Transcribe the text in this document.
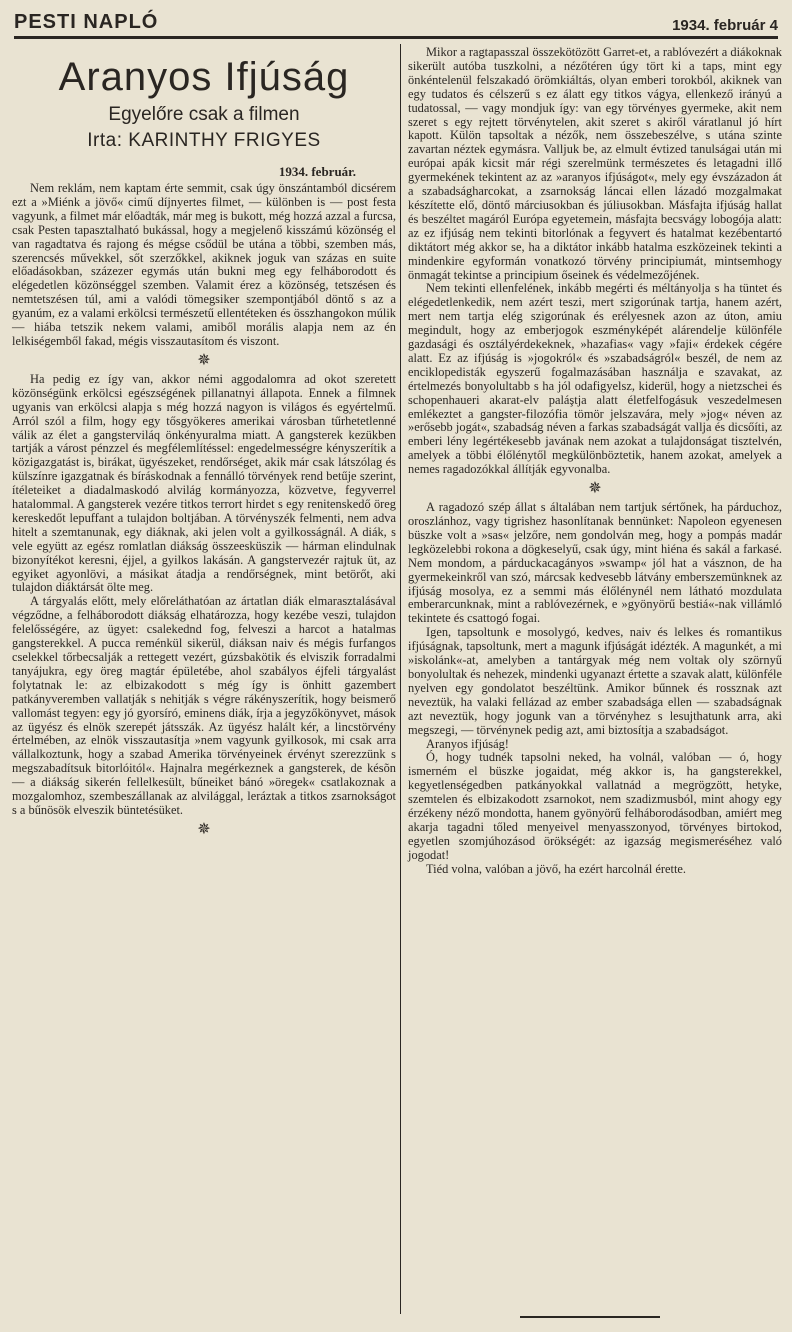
PESTI NAPLÓ	1934. február 4
Aranyos Ifjúság
Egyelőre csak a filmen
Irta: KARINTHY FRIGYES
1934. február.

Nem reklám, nem kaptam érte semmit, csak úgy önszántamból dicsérem ezt a »Miénk a jövő« cimű díjnyertes filmet, — különben is — post festa vagyunk, a filmet már előadták, már meg is bukott, még hozzá azzal a furcsa, csak Pesten tapasztalható bukással, hogy a megjelenő kisszámú közönség el van ragadtatva és rajong és mégse csődül be utána a többi, szemben más, szerencsés művekkel, sőt szerzőkkel, akiknek joguk van százas en suite előadásokban, százezer egymás után bukni meg egy felháborodott és elégedetlen közönséggel szemben. Valamit érez a közönség, tetszésen és nemtetszésen túl, ami a valódi tömegsiker szempontjából döntő s az a gyanúm, ez a valami erkölcsi természetű ellentéteken és összhangokon múlik — hiába tetszik nekem valami, amiből morális alapja nem az én lelkiségemből fakad, mégis visszautasítom és viszont.

✵

Ha pedig ez így van, akkor némi aggodalomra ad okot szeretett közönségünk erkölcsi egészségének pillanatnyi állapota. Ennek a filmnek ugyanis van erkölcsi alapja s még hozzá nagyon is világos és egyértelmű. Arról szól a film, hogy egy tősgyökeres amerikai városban tűrhetetlenné válik az élet a gangsterviláq önkényuralma miatt. A gangsterek kezükben tartják a várost pénzzel és megfélemlítéssel: engedelmességre kényszerítik a közigazgatást is, birákat, ügyészeket, rendőrséget, akik már csak látszólag és külszínre igazgatnak és bíráskodnak a fennálló törvények rend betűje szerint, ítéleteiket a diadalmaskodó alvilág kormányozza, közvetve, fegyverrel hatalommal. A gangsterek vezére titkos terrort hirdet s egy renitenskedő öreg kereskedőt lepuffant a tulajdon boltjában. A törvényszék felmenti, nem adva hitelt a szemtanunak, egy diáknak, aki jelen volt a gyilkosságnál. A diák, s vele együtt az egész romlatlan diákság összeesküszik — hárman elindulnak bizonyítékot keresni, éjjel, a gyilkos lakásán. A gangstervezér rajtuk üt, az egyiket agyonlövi, a másikat átadja a rendőrségnek, mint betörőt, aki tulajdon diáktársát ölte meg.

A tárgyalás előtt, mely előreláthatóan az ártatlan diák elmarasztalásával végződne, a felháborodott diákság elhatározza, hogy kezébe veszi, tulajdon felelősségére, az ügyet: csalekednd fog, felveszi a harcot a hatalmas gangsterekkel. A pucca reménkül sikerül, diáksan naiv és mégis furfangos cselekkel tőrbecsalják a rettegett vezért, gúzsbakötik és elviszik forradalmi tanyájukra, egy öreg magtár épületébe, ahol szabályos éjfeli tárgyalást folytatnak le: az elbizakodott s még így is önhitt gazembert patkányveremben vallatják s nehitják s végre rákényszerítik, hogy beismerő vallomást tegyen: egy jó gyorsíró, eminens diák, írja a jegyzőkönyvet, mások az ügyész és elnök szerepét játsszák. Az ügyész halált kér, a lincstörvény értelmében, az elnök visszautasítja »nem vagyunk gyilkosok, mi csak arra vállalkoztunk, hogy a szabad Amerika törvényeinek érvényt szerezzünk s megszabadítsuk bitorlóitól«. Hajnalra megérkeznek a gangsterek, de késõn — a diákság sikerén fellelkesült, bűneiket bánó »öregek« csatlakoznak a mozgalomhoz, szembeszállanak az alvilággal, leráztak a titkos zsarnokságot s a bűnösök elveszik büntetésüket.

✵

Mikor a ragtapasszal összekötözött Garret-et, a rablóvezért a diákoknak sikerült autóba tuszkolni, a nézőtéren úgy tört ki a taps, mint egy önkéntelenül felszakadó örömkiáltás, olyan emberi torokból, akiknek van egy tudatos és célszerű s ez álatt egy titkos vágya, ellenkező irányú a tudatossal, — vagy mondjuk így: van egy törvényes gyermeke, akit nem szeret s egy rejtett törvénytelen, akit szeret s akiről váratlanul jó hírt kapott. Külön tapsoltak a nézők, nem összebeszélve, s utána szinte zavartan néztek egymásra. Valljuk be, az elmult évtized tanulságai után mi európai apák kicsit már régi szerelmünk természetes és letagadni illő gyermekének tekintent az az »aranyos ifjúságot«, mely egy évszázadon át a szabadságharcokat, a zsarnokság láncai ellen lázadó mozgalmakat készítette elő, döntő márciusokban és júliusokban. Másfajta ifjúság hallat és beszéltet magáról Európa egyetemein, másfajta becsvágy lobogója alatt: az ez ifjúság nem tekinti bitorlónak a fegyvert és hatalmat kezébentartó diktátort még akkor se, ha a diktátor inkább hatalma eszközeinek tekinti a mindenkire egyformán vonatkozó törvény principiumát, mintsemhogy önmagát tekintse a principium őseinek és védelmezőjének.

Nem tekinti ellenfelének, inkább megérti és méltányolja s ha tüntet és elégedetlenkedik, nem azért teszi, mert szigorúnak tartja, hanem azért, mert nem tartja elég szigorúnak és erélyesnek azon az úton, amiu megindult, hogy az emberjogok eszményképét alárendelje különféle gazdasági és osztályérdekeknek, »hazafias« vagy »faji« érdekek cégére alatt. Ez az ifjúság is »jogokról« és »szabadságról« beszél, de nem az enciklopedisták egyszerű fogalmazásában használja e szavakat, az értelmezés bonyolultabb s ha jól odafigyelsz, kiderül, hogy a nietzschei és schopenhaueri akarat-elv paláştja alatt életfelfogásuk veszedelmesen emlékeztet a gangster-filozófia tömör jelszavára, mely »jog« néven az »erősebb jogát«, szabadság néven a farkas szabadságát vallja és dicsőíti, az emberi lény legértékesebb javának nem azokat a tulajdonságat tisztelvén, amelyek a többi élőlénytől megkülönböztetik, hanem azokat, amelyek a nemes ragadozókkal állítják egyvonalba.

✵

A ragadozó szép állat s általában nem tartjuk sértőnek, ha párduchoz, oroszlánhoz, vagy tigrishez hasonlítanak bennünket: Napoleon egyenesen büszke volt a »sas« jelzőre, nem gondolván meg, hogy a pompás madár legközelebbi rokona a dögkeselyű, csak úgy, mint hiéna és sakál a farkasé. Nem mondom, a párduckacagányos »swamp« jól hat a vásznon, de ha gyermekeinkről van szó, márcsak kedvesebb látvány emberszemünknek az ifjúság mosolya, ez a semmi más élőlénynél nem látható mozdulata emberarcunknak, mint a rablóvezérnek, e »gyönyörű bestiá«-nak villámló tekintete és csattogó fogai.

Igen, tapsoltunk e mosolygó, kedves, naiv és lelkes és romantikus ifjúságnak, tapsoltunk, mert a magunk ifjúságát idézték. A magunkét, a mi »iskolánk«-at, amelyben a tantárgyak még nem voltak oly szörnyű bonyolultak és nehezek, mindenki ugyanazt értette a szavak alatt, különféle nyelven egy gondolatot beszéltünk. Amikor bűnnek és rossznak azt neveztük, ha valaki fellázad az ember szabadsága ellen — szabadságnak azt neveztük, hogy jogunk van a törvényhez s lesujthatunk arra, aki megszegi, — törvénynek pedig azt, ami biztosítja a szabadságot.

Aranyos ifjúság!

Ó, hogy tudnék tapsolni neked, ha volnál, valóban — ó, hogy ismerném el büszke jogaidat, még akkor is, ha gangsterekkel, kegyetlenségedben patkányokkal vallatnád a megrögzött, hetyke, szemtelen és elbizakodott zsarnokot, nem szadizmusból, mint ahogy egy érzékeny néző mondotta, hanem gyönyörű felháborodásodban, amiért meg akarja tagadni tőled menyeivel menyasszonyod, törvényes birtokod, egyetlen szomjúhozásod örökségét: az igazság megismeréséhez való jogodat!

Tiéd volna, valóban a jövő, ha ezért harcolnál érette.
